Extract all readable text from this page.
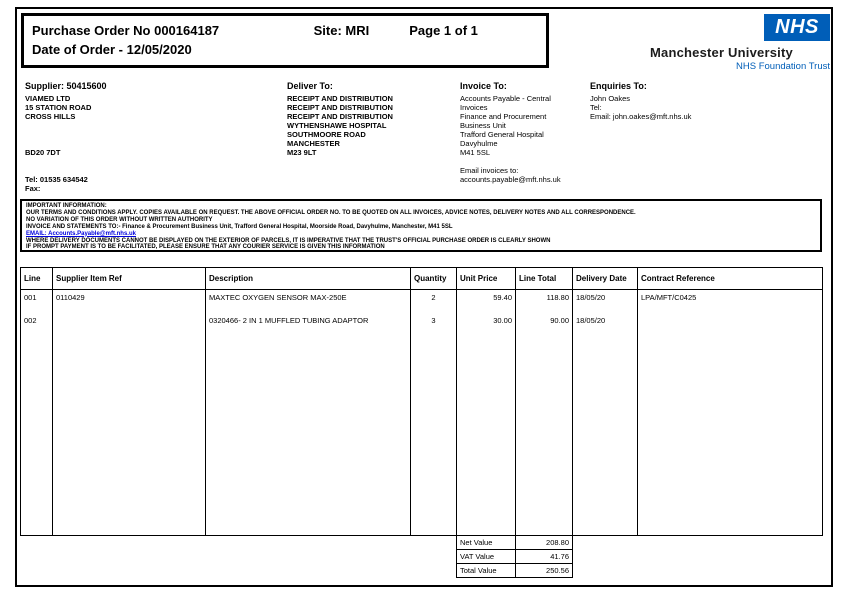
Purchase Order No 000164187	Site: MRI	Page 1 of 1
Date of Order - 12/05/2020
NHS
Manchester University
NHS Foundation Trust
Supplier: 50415600
VIAMED LTD
15 STATION ROAD
CROSS HILLS
BD20 7DT
Tel: 01535 634542
Fax:
Deliver To:
RECEIPT AND DISTRIBUTION
RECEIPT AND DISTRIBUTION
RECEIPT AND DISTRIBUTION
WYTHENSHAWE HOSPITAL
SOUTHMOORE ROAD
MANCHESTER
M23 9LT
Invoice To:
Accounts Payable - Central
Invoices
Finance and Procurement
Business Unit
Trafford General Hospital
Davyhulme
M41 5SL
Email invoices to:
accounts.payable@mft.nhs.uk
Enquiries To:
John Oakes
Tel:
Email: john.oakes@mft.nhs.uk
IMPORTANT INFORMATION:
OUR TERMS AND CONDITIONS APPLY. COPIES AVAILABLE ON REQUEST. THE ABOVE OFFICIAL ORDER NO. TO BE QUOTED ON ALL INVOICES, ADVICE NOTES, DELIVERY NOTES AND ALL CORRESPONDENCE.
NO VARIATION OF THIS ORDER WITHOUT WRITTEN AUTHORITY
INVOICE AND STATEMENTS TO:- Finance & Procurement Business Unit, Trafford General Hospital, Moorside Road, Davyhulme, Manchester, M41 5SL
EMAIL: Accounts.Payable@mft.nhs.uk
WHERE DELIVERY DOCUMENTS CANNOT BE DISPLAYED ON THE EXTERIOR OF PARCELS, IT IS IMPERATIVE THAT THE TRUST'S OFFICIAL PURCHASE ORDER IS CLEARLY SHOWN
IF PROMPT PAYMENT IS TO BE FACILITATED, PLEASE ENSURE THAT ANY COURIER SERVICE IS GIVEN THIS INFORMATION
Line	Supplier Item Ref	Description	Quantity	Unit Price	Line Total	Delivery Date	Contract Reference
001	0110429	MAXTEC OXYGEN SENSOR MAX-250E	2	59.40	118.80	18/05/20	LPA/MFT/C0425
002		0320466- 2 IN 1 MUFFLED TUBING ADAPTOR	3	30.00	90.00	18/05/20	

Net Value	208.80
VAT Value	41.76
Total Value	250.56
